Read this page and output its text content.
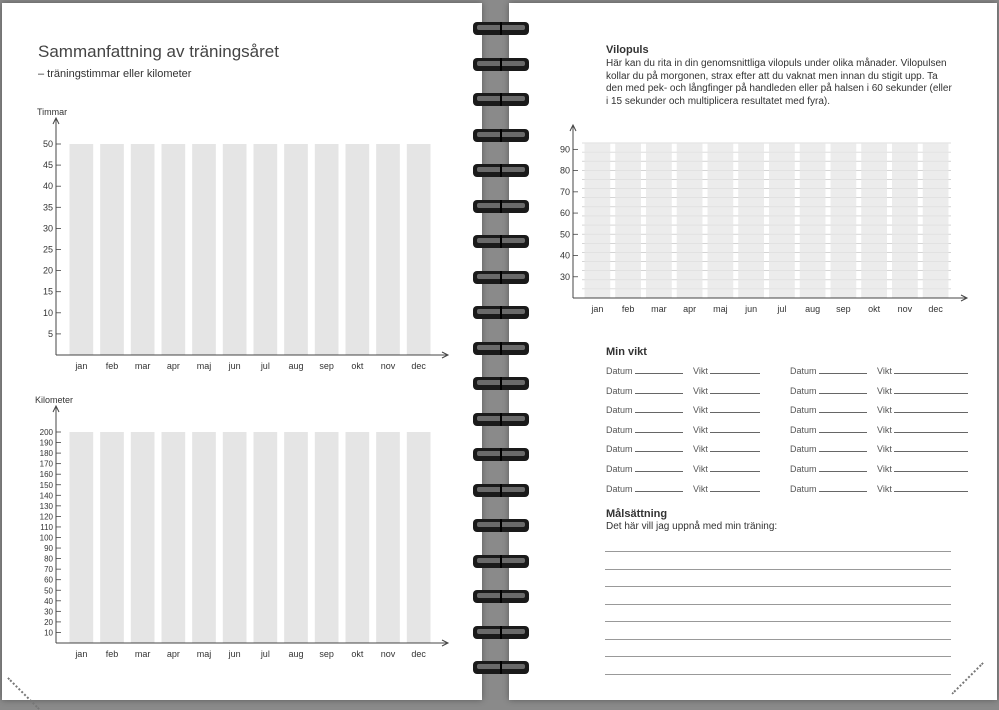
Sammanfattning av träningsåret
– träningstimmar eller kilometer
Timmar
jan feb mar apr maj jun jul aug sep okt nov dec
5
10
15
20
25
30
35
40
45
50
Kilometer
jan feb mar apr maj jun jul aug sep okt nov dec
10
20
30
40
50
60
70
80
90
100
110
120
130
140
150
160
170
180
190
200
Vilopuls
Här kan du rita in din genomsnittliga vilopuls under olika månader. Vilopulsen kollar du på morgonen, strax efter att du vaknat men innan du stigit upp. Ta den med pek- och långfinger på handleden eller på halsen i 60 sekunder (eller i 15 sekunder och multiplicera resultatet med fyra).
jan feb mar apr maj jun jul aug sep okt nov dec
30
40
50
60
70
80
90
Min vikt
Datum	Vikt	Datum	Vikt
Datum	Vikt	Datum	Vikt
Datum	Vikt	Datum	Vikt
Datum	Vikt	Datum	Vikt
Datum	Vikt	Datum	Vikt
Datum	Vikt	Datum	Vikt
Datum	Vikt	Datum	Vikt
Målsättning
Det här vill jag uppnå med min träning:
